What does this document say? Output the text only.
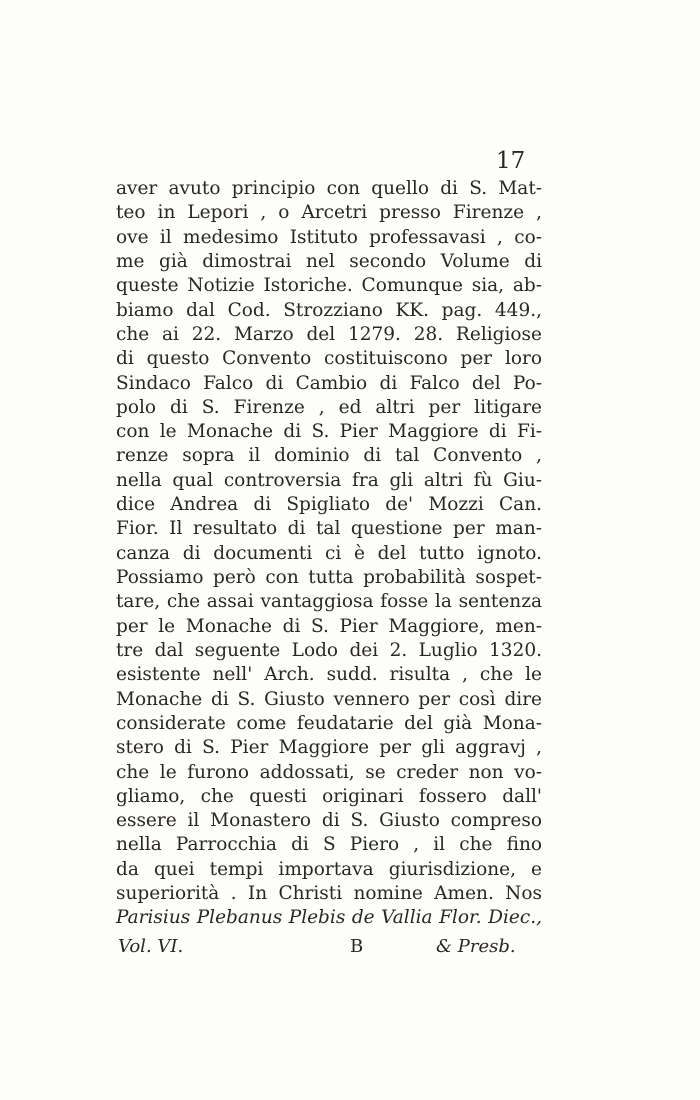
17
aver avuto principio con quello di S. Mat-
teo in Lepori , o Arcetri presso Firenze ,
ove il medesimo Istituto professavasi , co-
me già dimostrai nel secondo Volume di
queste Notizie Istoriche. Comunque sia, ab-
biamo dal Cod. Strozziano KK. pag. 449.,
che ai 22. Marzo del 1279. 28. Religiose
di questo Convento costituiscono per loro
Sindaco Falco di Cambio di Falco del Po-
polo di S. Firenze , ed altri per litigare
con le Monache di S. Pier Maggiore di Fi-
renze sopra il dominio di tal Convento ,
nella qual controversia fra gli altri fù Giu-
dice Andrea di Spigliato de' Mozzi Can.
Fior. Il resultato di tal questione per man-
canza di documenti ci è del tutto ignoto.
Possiamo però con tutta probabilità sospet-
tare, che assai vantaggiosa fosse la sentenza
per le Monache di S. Pier Maggiore, men-
tre dal seguente Lodo dei 2. Luglio 1320.
esistente nell' Arch. sudd. risulta , che le
Monache di S. Giusto vennero per così dire
considerate come feudatarie del già Mona-
stero di S. Pier Maggiore per gli aggravj ,
che le furono addossati, se creder non vo-
gliamo, che questi originari fossero dall'
essere il Monastero di S. Giusto compreso
nella Parrocchia di S Piero , il che fino
da quei tempi importava giurisdizione, e
superiorità . In Christi nomine Amen. Nos
Parisius Plebanus Plebis de Vallia Flor. Diec.,
Vol. VI.	B	& Presb.
